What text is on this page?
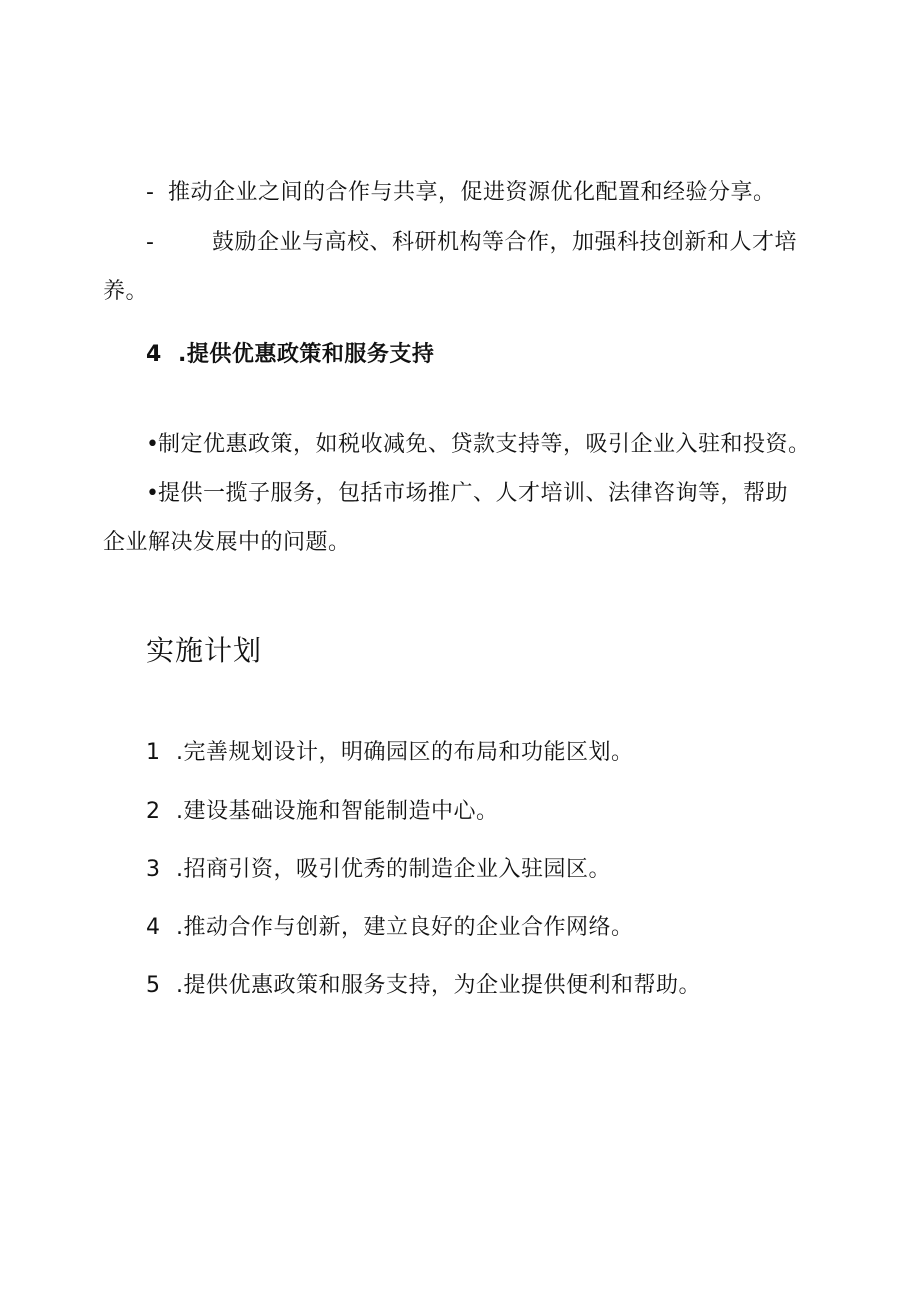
- 推动企业之间的合作与共享，促进资源优化配置和经验分享。
-	鼓励企业与高校、科研机构等合作，加强科技创新和人才培
养。
4 .提供优惠政策和服务支持
•
制定优惠政策，如税收减免、贷款支持等，吸引企业入驻和投资。
•
提供一揽子服务，包括市场推广、人才培训、法律咨询等，帮助
企业解决发展中的问题。
实施计划
1 .完善规划设计，明确园区的布局和功能区划。
2 .建设基础设施和智能制造中心。
3 .招商引资，吸引优秀的制造企业入驻园区。
4 .推动合作与创新，建立良好的企业合作网络。
5 .提供优惠政策和服务支持，为企业提供便利和帮助。
